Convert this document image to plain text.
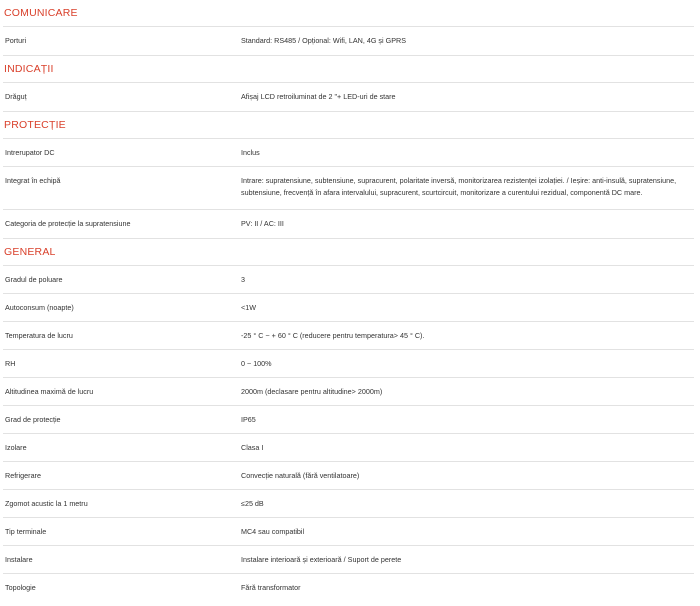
COMUNICARE
Porturi	Standard: RS485 / Opțional: Wifi, LAN, 4G și GPRS
INDICAȚII
Drăguț	Afișaj LCD retroiluminat de 2 "+ LED-uri de stare
PROTECȚIE
Intrerupator DC	Inclus
Integrat în echipă	Intrare: supratensiune, subtensiune, supracurent, polaritate inversă, monitorizarea rezistenței izolației. / Ieșire: anti-insulă, supratensiune, subtensiune, frecvență în afara intervalului, supracurent, scurtcircuit, monitorizare a curentului rezidual, componentă DC mare.
Categoria de protecție la supratensiune	PV: II / AC: III
GENERAL
Gradul de poluare	3
Autoconsum (noapte)	<1W
Temperatura de lucru	-25 ° C ~ + 60 ° C (reducere pentru temperatura> 45 ° C).
RH	0 ~ 100%
Altitudinea maximă de lucru	2000m (declasare pentru altitudine> 2000m)
Grad de protecție	IP65
Izolare	Clasa I
Refrigerare	Convecție naturală (fără ventilatoare)
Zgomot acustic la 1 metru	≤25 dB
Tip terminale	MC4 sau compatibil
Instalare	Instalare interioară și exterioară / Suport de perete
Topologie	Fără transformator
